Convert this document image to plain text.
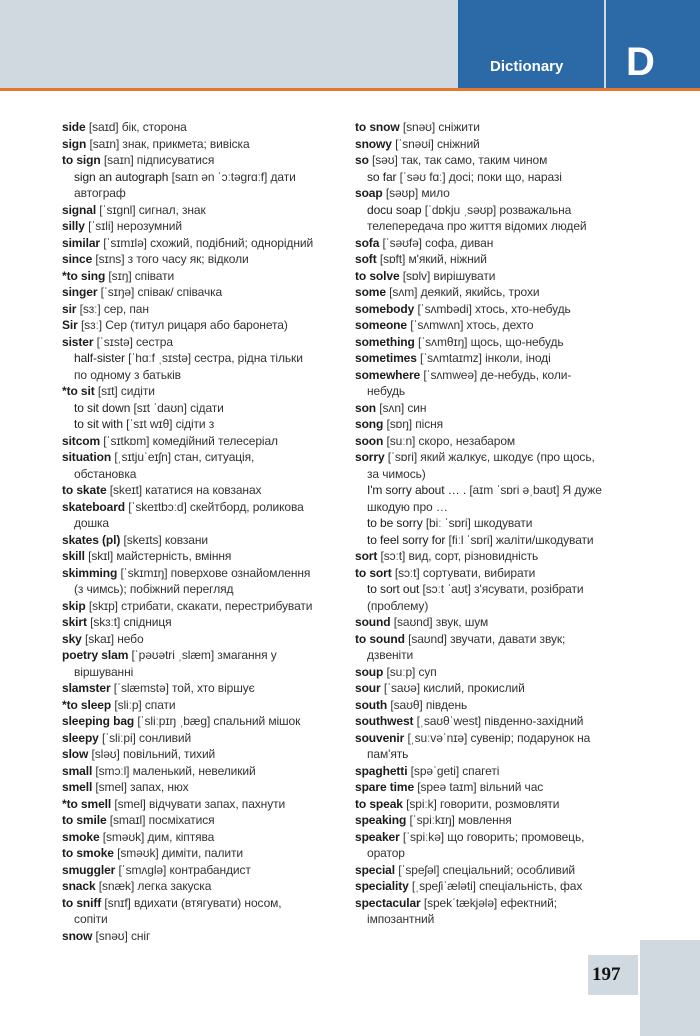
Dictionary D
side [saɪd] бік, сторона
sign [saɪn] знак, прикмета; вивіска
to sign [saɪn] підписуватися
sign an autograph [saɪn ən ˈɔːtəgrɑːf] дати
автограф
signal [ˈsɪgnl] сигнал, знак
silly [ˈsɪli] нерозумний
similar [ˈsɪmɪlə] схожий, подібний; однорідний
since [sɪns] з того часу як; відколи
*to sing [sɪŋ] співати
singer [ˈsɪŋə] співак/ співачка
sir [sɜː] сер, пан
Sir [sɜː] Сер (титул рицаря або баронета)
sister [ˈsɪstə] сестра
half-sister [ˈhɑːf ˌsɪstə] сестра, рідна тільки
по одному з батьків
*to sit [sɪt] сидіти
to sit down [sɪt ˈdaʊn] сідати
to sit with [ˈsɪt wɪθ] сідіти з
sitcom [ˈsɪtkɒm] комедійний телесеріал
situation [ˌsɪtjuˈeɪʃn] стан, ситуація,
обстановка
to skate [skeɪt] кататися на ковзанах
skateboard [ˈskeɪtbɔːd] скейтборд, роликова
дошка
skates (pl) [skeɪts] ковзани
skill [skɪl] майстерність, вміння
skimming [ˈskɪmɪŋ] поверхове ознайомлення
(з чимсь); побіжний перегляд
skip [skɪp] стрибати, скакати, перестрибувати
skirt [skɜːt] спідниця
sky [skaɪ] небо
poetry slam [ˈpəʊətri ˌslæm] змагання у
віршуванні
slamster [ˈslæmstə] той, хто віршує
*to sleep [sliːp] спати
sleeping bag [ˈsliːpɪŋ ˌbæg] спальний мішок
sleepy [ˈsliːpi] сонливий
slow [sləʊ] повільний, тихий
small [smɔːl] маленький, невеликий
smell [smel] запах, нюх
*to smell [smel] відчувати запах, пахнути
to smile [smaɪl] посміхатися
smoke [sməʊk] дим, кіптява
to smoke [sməʊk] диміти, палити
smuggler [ˈsmʌglə] контрабандист
snack [snæk] легка закуска
to sniff [snɪf] вдихати (втягувати) носом,
сопіти
snow [snəʊ] сніг
to snow [snəʊ] сніжити
snowy [ˈsnəʊi] сніжний
so [səʊ] так, так само, таким чином
so far [ˈsəʊ fɑː] досі; поки що, наразі
soap [səʊp] мило
docu soap [ˈdɒkju ˌsəʊp] розважальна
телепередача про життя відомих людей
sofa [ˈsəʊfə] софа, диван
soft [sɒft] м'який, ніжний
to solve [sɒlv] вирішувати
some [sʌm] деякий, якийсь, трохи
somebody [ˈsʌmbədi] хтось, хто-небудь
someone [ˈsʌmwʌn] хтось, дехто
something [ˈsʌmθɪŋ] щось, що-небудь
sometimes [ˈsʌmtaɪmz] інколи, іноді
somewhere [ˈsʌmweə] де-небудь, коли-
небудь
son [sʌn] син
song [sɒŋ] пісня
soon [suːn] скоро, незабаром
sorry [ˈsɒri] який жалкує, шкодує (про щось,
за чимось)
I'm sorry about … . [aɪm ˈsɒri əˌbaʊt] Я дуже
шкодую про …
to be sorry [biː ˈsɒri] шкодувати
to feel sorry for [fiːl ˈsɒri] жаліти/шкодувати
sort [sɔːt] вид, сорт, різновидність
to sort [sɔːt] сортувати, вибирати
to sort out [sɔːt ˈaʊt] з'ясувати, розібрати
(проблему)
sound [saʊnd] звук, шум
to sound [saʊnd] звучати, давати звук;
дзвеніти
soup [suːp] суп
sour [ˈsaʊə] кислий, прокислий
south [saʊθ] південь
southwest [ˌsaʊθˈwest] південно-західний
souvenir [ˌsuːvəˈnɪə] сувенір; подарунок на
пам'ять
spaghetti [spəˈgeti] спагеті
spare time [speə taɪm] вільний час
to speak [spiːk] говорити, розмовляти
speaking [ˈspiːkɪŋ] мовлення
speaker [ˈspiːkə] що говорить; промовець,
оратор
special [ˈspeʃəl] спеціальний; особливий
speciality [ˌspeʃiˈæləti] спеціальність, фах
spectacular [spekˈtækjələ] ефектний;
імпозантний
197
